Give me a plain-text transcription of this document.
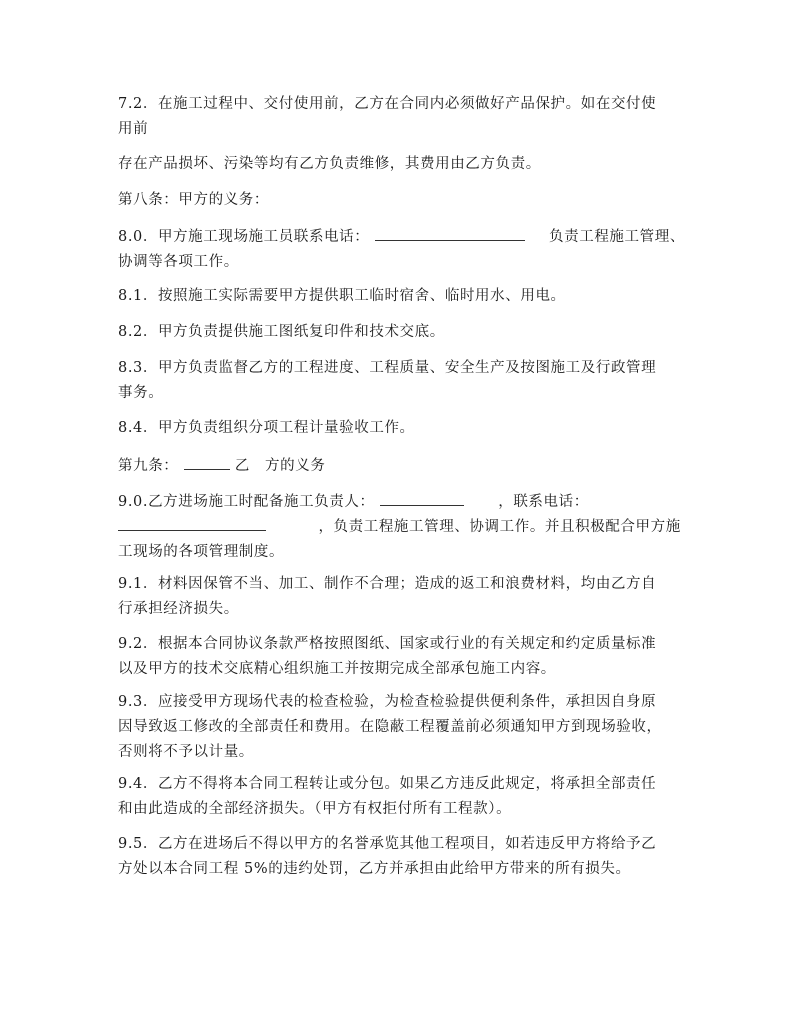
7.2．在施工过程中、交付使用前，乙方在合同内必须做好产品保护。如在交付使
用前
存在产品损坏、污染等均有乙方负责维修，其费用由乙方负责。
第八条：甲方的义务：
8.0．甲方施工现场施工员联系电话：	负责工程施工管理、
协调等各项工作。
8.1．按照施工实际需要甲方提供职工临时宿舍、临时用水、用电。
8.2．甲方负责提供施工图纸复印件和技术交底。
8.3．甲方负责监督乙方的工程进度、工程质量、安全生产及按图施工及行政管理
事务。
8.4．甲方负责组织分项工程计量验收工作。
第九条：	乙　方的义务
9.0.乙方进场施工时配备施工负责人：	，联系电话：
，负责工程施工管理、协调工作。并且积极配合甲方施
工现场的各项管理制度。
9.1．材料因保管不当、加工、制作不合理；造成的返工和浪费材料，均由乙方自
行承担经济损失。
9.2．根据本合同协议条款严格按照图纸、国家或行业的有关规定和约定质量标准
以及甲方的技术交底精心组织施工并按期完成全部承包施工内容。
9.3．应接受甲方现场代表的检查检验，为检查检验提供便利条件，承担因自身原
因导致返工修改的全部责任和费用。在隐蔽工程覆盖前必须通知甲方到现场验收，
否则将不予以计量。
9.4．乙方不得将本合同工程转让或分包。如果乙方违反此规定，将承担全部责任
和由此造成的全部经济损失。（甲方有权拒付所有工程款）。
9.5．乙方在进场后不得以甲方的名誉承览其他工程项目，如若违反甲方将给予乙
方处以本合同工程 5%的违约处罚，乙方并承担由此给甲方带来的所有损失。
